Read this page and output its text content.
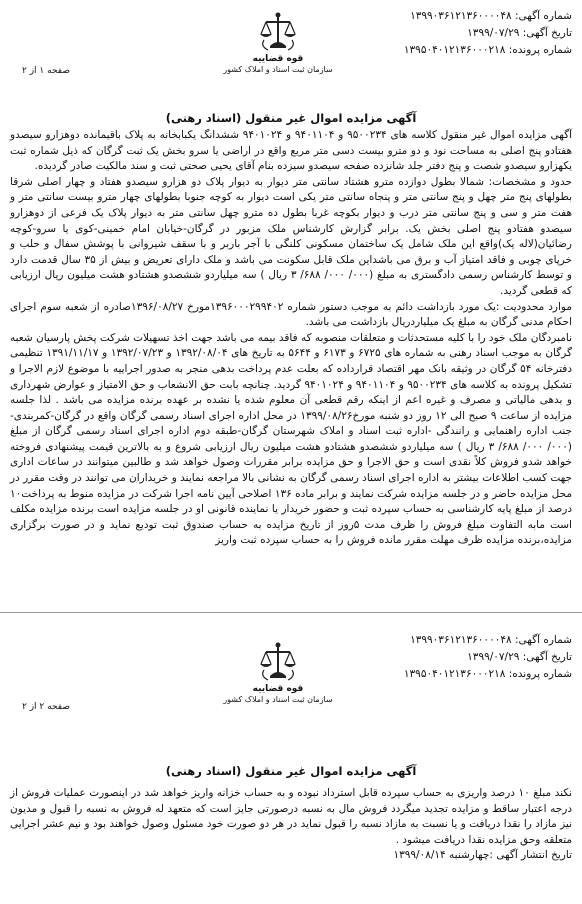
شماره آگهی: ۱۳۹۹۰۳۶۱۲۱۳۶۰۰۰۰۴۸
تاریخ آگهی: ۱۳۹۹/۰۷/۲۹
شماره پرونده: ۱۳۹۵۰۴۰۱۲۱۳۶۰۰۰۲۱۸
قوه قضاییه
سازمان ثبت اسناد و املاک کشور
صفحه ۱ از ۲
آگهی مزایده اموال غیر منقول (اسناد رهنی)

آگهی مزایده اموال غیر منقول کلاسه های ۹۵۰۰۲۳۴ و ۹۴۰۱۱۰۴ و ۹۴۰۱۰۲۴ ششدانگ یکبابخانه به پلاک باقیمانده دوهزارو سیصدو هفتادو پنج اصلی به مساحت نود و دو مترو بیست دسی متر مربع واقع در اراضی یا سرو بخش یک ثبت گرگان که ذیل شماره ثبت یکهزارو سیصدو شصت و پنج دفتر جلد شانزده صفحه سیصدو سیزده بنام آقای یحیی صحتی ثبت و سند مالکیت صادر گردیده.

حدود و مشخصات: شمالا بطول دوازده مترو هشتاد سانتی متر دیوار به دیوار پلاک دو هزارو سیصدو هفتاد و چهار اصلی شرقا بطولهای پنج متر چهل و پنج سانتی متر و پنجاه سانتی متر یکی است دیوار به کوچه جنوبا بطولهای چهار مترو بیست سانتی متر و هفت متر و سی و پنج سانتی متر درب و دیوار بکوچه غربا بطول ده مترو چهل سانتی متر به دیوار پلاک یک فرعی از دوهزارو سیصدو هفتادو پنج اصلی بخش یک. برابر گزارش کارشناس ملک مزبور در گرگان-خیابان امام خمینی-کوی یا سرو-کوچه رضائیان(لاله یک)واقع این ملک شامل یک ساختمان مسکونی کلنگی با آجر باربر و با سقف شیروانی با پوشش سفال و حلب و خرپای چوبی و فاقد امتیاز آب و برق می باشداین ملک قابل سکونت می باشد و ملک دارای تعریض و بیش از ۳۵ سال قدمت دارد و توسط کارشناس رسمی دادگستری به مبلغ (۰۰۰/ ۰۰۰/ ۶۸۸/ ۳ ریال ) سه میلیاردو ششصدو هشتادو هشت میلیون ریال ارزیابی که قطعی گردید.

موارد محدودیت :یک مورد بازداشت دائم به موجب دستور شماره ۱۳۹۶۰۰۰۲۹۹۴۰۲مورخ ۱۳۹۶/۰۸/۲۷صادره از شعبه سوم اجرای احکام مدنی گرگان به مبلغ یک میلیاردریال بازداشت می باشد.

نامبردگان ملک خود را با کلیه مستحدثات و متعلقات منصوبه که فاقد بیمه می باشد جهت اخذ تسهیلات شرکت پخش پارسیان شعبه گرگان به موجب اسناد رهنی به شماره های ۶۷۲۵ و ۶۱۷۳ و ۵۶۴۴ به تاریخ های ۱۳۹۲/۰۸/۰۴ و ۱۳۹۲/۰۷/۲۳ و ۱۳۹۱/۱۱/۱۷ تنظیمی دفترخانه ۵۴ گرگان در وثیقه بانک مهر اقتصاد قرارداده که بعلت عدم پرداخت بدهی منجر به صدور اجراییه با موضوع لازم الاجرا و تشکیل پرونده به کلاسه های ۹۵۰۰۲۳۴ و ۹۴۰۱۱۰۴ و ۹۴۰۱۰۲۴ گردید. چنانچه بابت حق الانشعاب و حق الامتیاز و عوارض شهرداری و بدهی مالیاتی و مصرف و غیره اعم از اینکه رقم قطعی آن معلوم شده یا نشده بر عهده برنده مزایده می باشد . لذا جلسه مزایده از ساعت ۹ صبح الی ۱۲ روز دو شنبه مورخ۱۳۹۹/۰۸/۲۶ در محل اداره اجرای اسناد رسمی گرگان واقع در گرگان-کمربندی-جنب اداره راهنمایی و رانندگی -اداره ثبت اسناد و املاک شهرستان گرگان-طبقه دوم اداره اجرای اسناد رسمی گرگان از مبلغ (۰۰۰/ ۰۰۰/ ۶۸۸/ ۳ ریال ) سه میلیاردو ششصدو هشتادو هشت میلیون ریال ارزیابی شروع و به بالاترین قیمت پیشنهادی فروخته خواهد شدو فروش کلاً نقدی است و حق الاجرا و حق مزایده برابر مقررات وصول خواهد شد و طالبین میتوانند در ساعات اداری جهت کسب اطلاعات بیشتر به اداره اجرای اسناد رسمی گرگان به نشانی بالا مراجعه نمایند و خریداران می توانند در وقت مقرر در محل مزایده حاضر و در جلسه مزایده شرکت نمایند و برابر ماده ۱۳۶ اصلاحی آیین نامه اجرا شرکت در مزایده منوط به پرداخت۱۰ درصد از مبلغ پایه کارشناسی به حساب سپرده ثبت و حضور خریدار یا نماینده قانونی او در جلسه مزایده است برنده مزایده مکلف است مابه التفاوت مبلغ فروش را ظرف مدت ۵روز از تاریخ مزایده به حساب صندوق ثبت تودیع نماید و در صورت برگزاری مزایده،برنده مزایده ظرف مهلت مقرر مانده فروش را به حساب سپرده ثبت واریز

شماره آگهی: ۱۳۹۹۰۳۶۱۲۱۳۶۰۰۰۰۴۸
تاریخ آگهی: ۱۳۹۹/۰۷/۲۹
شماره پرونده: ۱۳۹۵۰۴۰۱۲۱۳۶۰۰۰۲۱۸
قوه قضاییه
سازمان ثبت اسناد و املاک کشور
صفحه ۲ از ۲
آگهی مزایده اموال غیر منقول (اسناد رهنی)

نکند مبلغ ۱۰ درصد واریزی به حساب سپرده قابل استرداد نبوده و به حساب خزانه واریز خواهد شد در اینصورت عملیات فروش از درجه اعتبار ساقط و مزایده تجدید میگردد فروش مال به نسبه درصورتی جایز است که متعهد له فروش به نسبه را قبول و مدیون نیز مازاد را نقدا دریافت و یا نسبت به مازاد نسبه را قبول نماید در هر دو صورت خود مسئول وصول خواهند بود و نیم عشر اجرایی متعلقه وحق مزایده نقدا دریافت میشود .

تاریخ انتشار آگهی :چهارشنبه ۱۳۹۹/۰۸/۱۴
